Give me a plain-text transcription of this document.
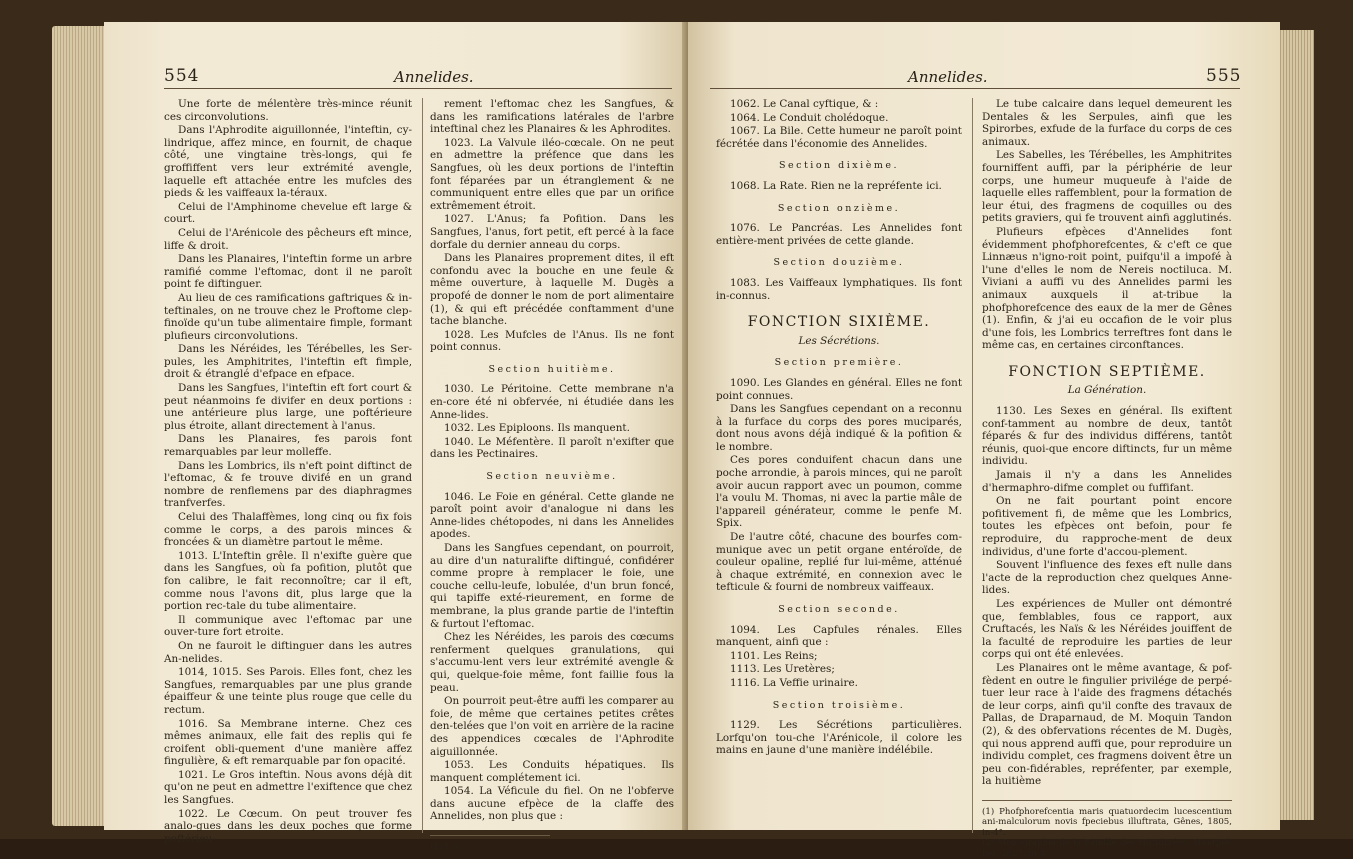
554	Annelides.

Une forte de mélentère très-mince réunit ces circonvolutions.

Dans l'Aphrodite aiguillonnée, l'inteftin, cy-lindrique, affez mince, en fournit, de chaque côté, une vingtaine très-longs, qui fe groffiffent vers leur extrémité avengle, laquelle eft attachée entre les mufcles des pieds & les vaiffeaux la-téraux.

Celui de l'Amphinome chevelue eft large & court.

Celui de l'Arénicole des pêcheurs eft mince, liffe & droit.

Dans les Planaires, l'inteftin forme un arbre ramifié comme l'eftomac, dont il ne paroît point fe diftinguer.

Au lieu de ces ramifications gaftriques & in-teftinales, on ne trouve chez le Proftome clep-finoïde qu'un tube alimentaire fimple, formant plufieurs circonvolutions.

Dans les Néréides, les Térébelles, les Ser-pules, les Amphitrites, l'inteftin eft fimple, droit & étranglé d'efpace en efpace.

Dans les Sangfues, l'inteftin eft fort court & peut néanmoins fe divifer en deux portions : une antérieure plus large, une poftérieure plus étroite, allant directement à l'anus.

Dans les Planaires, fes parois font remarquables par leur molleffe.

Dans les Lombrics, ils n'eft point diftinct de l'eftomac, & fe trouve divifé en un grand nombre de renflemens par des diaphragmes tranfverfes.

Celui des Thalaffèmes, long cinq ou fix fois comme le corps, a des parois minces & froncées & un diamètre partout le même.

1013. L'Inteftin grêle. Il n'exifte guère que dans les Sangfues, où fa pofition, plutôt que fon calibre, le fait reconnoître; car il eft, comme nous l'avons dit, plus large que la portion rec-tale du tube alimentaire.

Il communique avec l'eftomac par une ouver-ture fort etroite.

On ne fauroit le diftinguer dans les autres An-nelides.

1014, 1015. Ses Parois. Elles font, chez les Sangfues, remarquables par une plus grande épaiffeur & une teinte plus rouge que celle du rectum.

1016. Sa Membrane interne. Chez ces mêmes animaux, elle fait des replis qui fe croifent obli-quement d'une manière affez fingulière, & eft remarquable par fon opacité.

1021. Le Gros inteftin. Nous avons déjà dit qu'on ne peut en admettre l'exiftence que chez les Sangfues.

1022. Le Cœcum. On peut trouver fes analo-gues dans les deux poches que forme poftérieu-

rement l'eftomac chez les Sangfues, & dans les ramifications latérales de l'arbre inteftinal chez les Planaires & les Aphrodites.

1023. La Valvule iléo-cœcale. On ne peut en admettre la préfence que dans les Sangfues, où les deux portions de l'inteftin font féparées par un étranglement & ne communiquent entre elles que par un orifice extrêmement étroit.

1027. L'Anus; fa Pofition. Dans les Sangfues, l'anus, fort petit, eft percé à la face dorfale du dernier anneau du corps.

Dans les Planaires proprement dites, il eft confondu avec la bouche en une feule & même ouverture, à laquelle M. Dugès a propofé de donner le nom de port alimentaire (1), & qui eft précédée conftamment d'une tache blanche.

1028. Les Mufcles de l'Anus. Ils ne font point connus.

Section huitième.

1030. Le Péritoine. Cette membrane n'a en-core été ni obfervée, ni étudiée dans les Anne-lides.

1032. Les Epiploons. Ils manquent.

1040. Le Méfentère. Il paroît n'exifter que dans les Pectinaires.

Section neuvième.

1046. Le Foie en général. Cette glande ne paroît point avoir d'analogue ni dans les Anne-lides chétopodes, ni dans les Annelides apodes.

Dans les Sangfues cependant, on pourroit, au dire d'un naturalifte diftingué, confidérer comme propre à remplacer le foie, une couche cellu-leufe, lobulée, d'un brun foncé, qui tapiffe exté-rieurement, en forme de membrane, la plus grande partie de l'inteftin & furtout l'eftomac.

Chez les Néréides, les parois des cœcums renferment quelques granulations, qui s'accumu-lent vers leur extrémité avengle & qui, quelque-foie même, font faillie fous la peau.

On pourroit peut-être auffi les comparer au foie, de même que certaines petites crêtes den-telées que l'on voit en arrière de la racine des appendices cœcales de l'Aphrodite aiguillonnée.

1053. Les Conduits hépatiques. Ils manquent complétement ici.

1054. La Véficule du fiel. On ne l'obferve dans aucune efpèce de la claffe des Annelides, non plus que :

(1) L. c.
Annelides.	555

1062. Le Canal cyftique, & :

1064. Le Conduit cholédoque.

1067. La Bile. Cette humeur ne paroît point fécrétée dans l'économie des Annelides.

Section dixième.

1068. La Rate. Rien ne la repréfente ici.

Section onzième.

1076. Le Pancréas. Les Annelides font entière-ment privées de cette glande.

Section douzième.

1083. Les Vaiffeaux lymphatiques. Ils font in-connus.

FONCTION SIXIÈME.
Les Sécrétions.
Section première.

1090. Les Glandes en général. Elles ne font point connues.

Dans les Sangfues cependant on a reconnu à la furface du corps des pores muciparés, dont nous avons déjà indiqué & la pofition & le nombre.

Ces pores conduifent chacun dans une poche arrondie, à parois minces, qui ne paroît avoir aucun rapport avec un poumon, comme l'a voulu M. Thomas, ni avec la partie mâle de l'appareil générateur, comme le penfe M. Spix.

De l'autre côté, chacune des bourfes com-munique avec un petit organe entéroïde, de couleur opaline, replié fur lui-même, atténué à chaque extrémité, en connexion avec le tefticule & fourni de nombreux vaiffeaux.

Section seconde.

1094. Les Capfules rénales. Elles manquent, ainfi que :

1101. Les Reins;

1113. Les Uretères;

1116. La Veffie urinaire.

Section troisième.

1129. Les Sécrétions particulières. Lorfqu'on tou-che l'Arénicole, il colore les mains en jaune d'une manière indélébile.

Le tube calcaire dans lequel demeurent les Dentales & les Serpules, ainfi que les Spirorbes, exfude de la furface du corps de ces animaux.

Les Sabelles, les Térébelles, les Amphitrites fourniffent auffi, par la périphérie de leur corps, une humeur muqueufe à l'aide de laquelle elles raffemblent, pour la formation de leur étui, des fragmens de coquilles ou des petits graviers, qui fe trouvent ainfi agglutinés.

Plufieurs efpèces d'Annelides font évidemment phofphorefcentes, & c'eft ce que Linnæus n'igno-roit point, puifqu'il a impofé à l'une d'elles le nom de Nereis noctiluca. M. Viviani a auffi vu des Annelides parmi les animaux auxquels il at-tribue la phofphorefcence des eaux de la mer de Gênes (1). Enfin, & j'ai eu occafion de le voir plus d'une fois, les Lombrics terreftres font dans le même cas, en certaines circonftances.

FONCTION SEPTIÈME.
La Génération.

1130. Les Sexes en général. Ils exiftent conf-tamment au nombre de deux, tantôt féparés & fur des individus différens, tantôt réunis, quoi-que encore diftincts, fur un même individu.

Jamais il n'y a dans les Annelides d'hermaphro-difme complet ou fuffifant.

On ne fait pourtant point encore pofitivement fi, de même que les Lombrics, toutes les efpèces ont befoin, pour fe reproduire, du rapproche-ment de deux individus, d'une forte d'accou-plement.

Souvent l'influence des fexes eft nulle dans l'acte de la reproduction chez quelques Anne-lides.

Les expériences de Muller ont démontré que, femblables, fous ce rapport, aux Cruftacés, les Naïs & les Néréides jouiffent de la faculté de reproduire les parties de leur corps qui ont été enlevées.

Les Planaires ont le même avantage, & pof-fèdent en outre le fingulier privilége de perpé-tuer leur race à l'aide des fragmens détachés de leur corps, ainfi qu'il confte des travaux de Pallas, de Draparnaud, de M. Moquin Tandon (2), & des obfervations récentes de M. Dugès, qui nous apprend auffi que, pour reproduire un individu complet, ces fragmens doivent être un peu con-fidérables, repréfenter, par exemple, la huitième

(1) Phofphorefcentia maris quatuordecim lucescentium ani-malculorum novis fpeciebus illuftrata, Gênes, 1805, in-4°.
(2) Monographie de la Famille des Hirudinées, Montpel-lier, 1827, in-4°.
